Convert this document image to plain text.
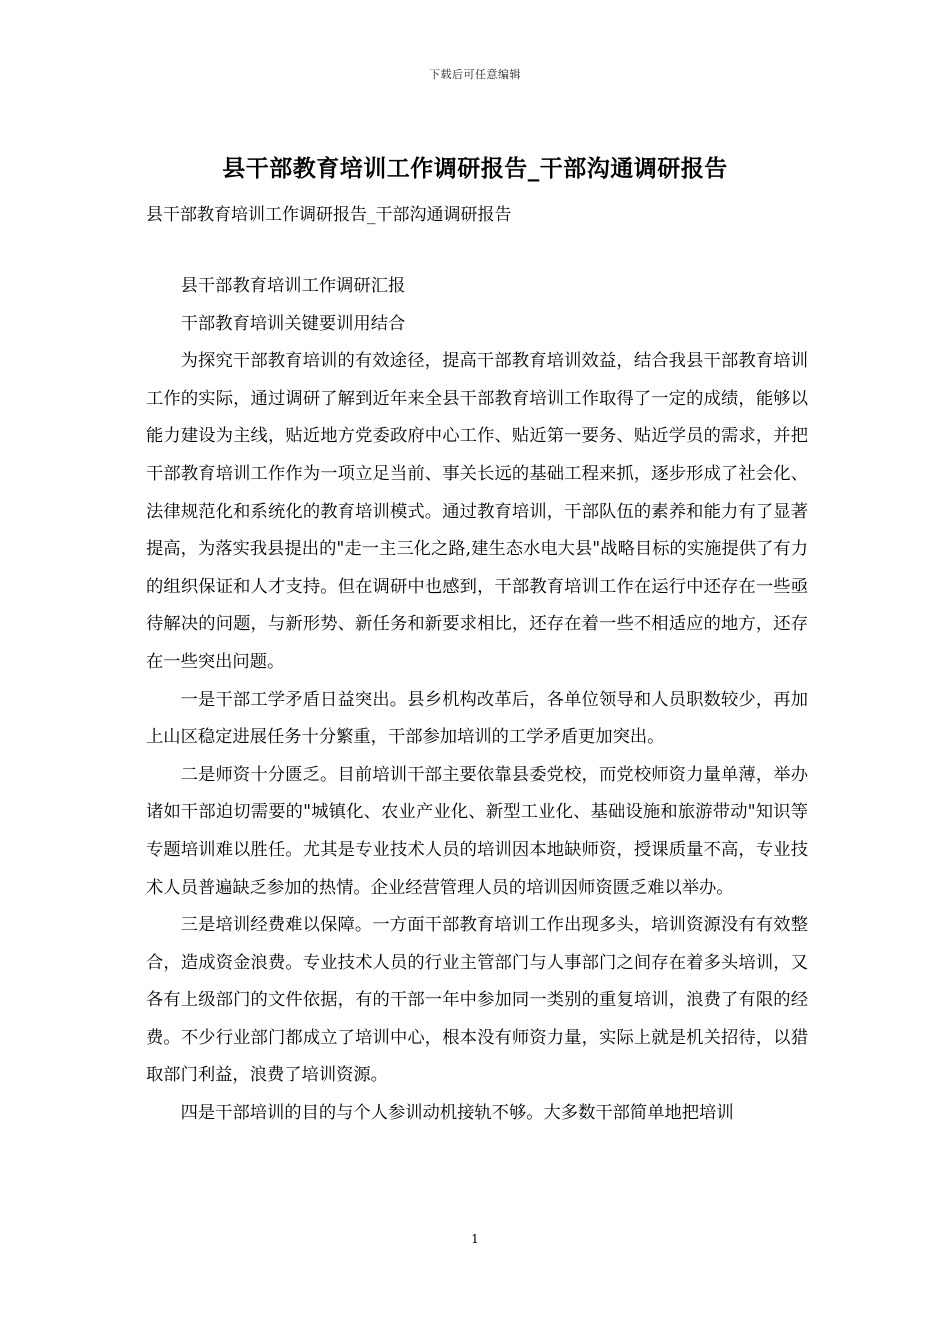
下载后可任意编辑
县干部教育培训工作调研报告_干部沟通调研报告
县干部教育培训工作调研报告_干部沟通调研报告

县干部教育培训工作调研汇报

干部教育培训关键要训用结合

为探究干部教育培训的有效途径，提高干部教育培训效益，结合我县干部教育培训工作的实际，通过调研了解到近年来全县干部教育培训工作取得了一定的成绩，能够以能力建设为主线，贴近地方党委政府中心工作、贴近第一要务、贴近学员的需求，并把干部教育培训工作作为一项立足当前、事关长远的基础工程来抓，逐步形成了社会化、法律规范化和系统化的教育培训模式。通过教育培训，干部队伍的素养和能力有了显著提高，为落实我县提出的"走一主三化之路,建生态水电大县"战略目标的实施提供了有力的组织保证和人才支持。但在调研中也感到，干部教育培训工作在运行中还存在一些亟待解决的问题，与新形势、新任务和新要求相比，还存在着一些不相适应的地方，还存在一些突出问题。

一是干部工学矛盾日益突出。县乡机构改革后，各单位领导和人员职数较少，再加上山区稳定进展任务十分繁重，干部参加培训的工学矛盾更加突出。

二是师资十分匮乏。目前培训干部主要依靠县委党校，而党校师资力量单薄，举办诸如干部迫切需要的"城镇化、农业产业化、新型工业化、基础设施和旅游带动"知识等专题培训难以胜任。尤其是专业技术人员的培训因本地缺师资，授课质量不高，专业技术人员普遍缺乏参加的热情。企业经营管理人员的培训因师资匮乏难以举办。

三是培训经费难以保障。一方面干部教育培训工作出现多头，培训资源没有有效整合，造成资金浪费。专业技术人员的行业主管部门与人事部门之间存在着多头培训，又各有上级部门的文件依据，有的干部一年中参加同一类别的重复培训，浪费了有限的经费。不少行业部门都成立了培训中心，根本没有师资力量，实际上就是机关招待，以猎取部门利益，浪费了培训资源。

四是干部培训的目的与个人参训动机接轨不够。大多数干部简单地把培训

1
